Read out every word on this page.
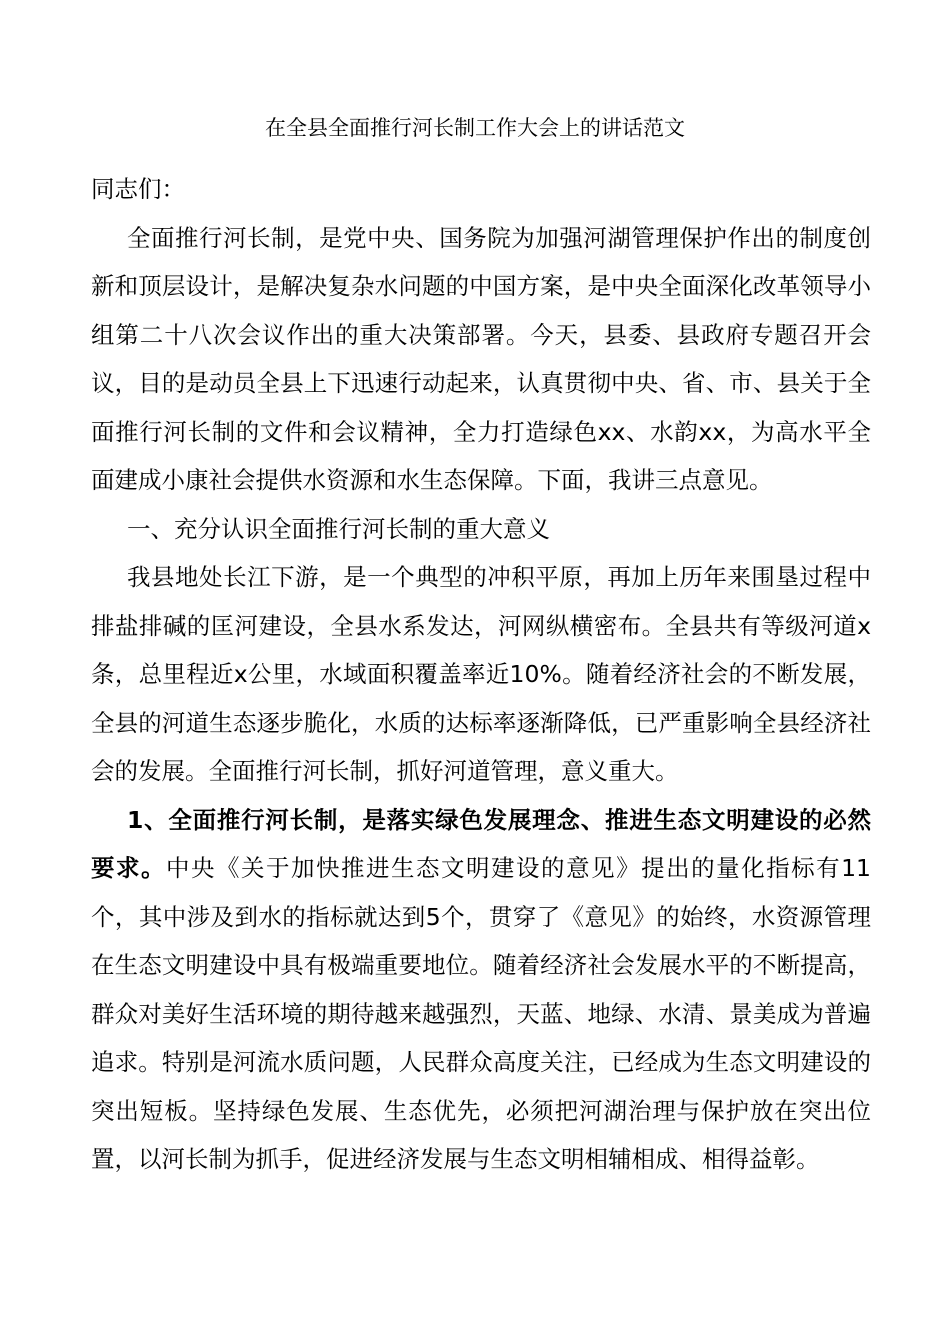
在全县全面推行河长制工作大会上的讲话范文

同志们：

全面推行河长制，是党中央、国务院为加强河湖管理保护作出的制度创新和顶层设计，是解决复杂水问题的中国方案，是中央全面深化改革领导小组第二十八次会议作出的重大决策部署。今天，县委、县政府专题召开会议，目的是动员全县上下迅速行动起来，认真贯彻中央、省、市、县关于全面推行河长制的文件和会议精神，全力打造绿色xx、水韵xx，为高水平全面建成小康社会提供水资源和水生态保障。下面，我讲三点意见。

一、充分认识全面推行河长制的重大意义

我县地处长江下游，是一个典型的冲积平原，再加上历年来围垦过程中排盐排碱的匡河建设，全县水系发达，河网纵横密布。全县共有等级河道x条，总里程近x公里，水域面积覆盖率近10%。随着经济社会的不断发展，全县的河道生态逐步脆化，水质的达标率逐渐降低，已严重影响全县经济社会的发展。全面推行河长制，抓好河道管理，意义重大。

1、全面推行河长制，是落实绿色发展理念、推进生态文明建设的必然要求。中央《关于加快推进生态文明建设的意见》提出的量化指标有11个，其中涉及到水的指标就达到5个，贯穿了《意见》的始终，水资源管理在生态文明建设中具有极端重要地位。随着经济社会发展水平的不断提高，群众对美好生活环境的期待越来越强烈，天蓝、地绿、水清、景美成为普遍追求。特别是河流水质问题，人民群众高度关注，已经成为生态文明建设的突出短板。坚持绿色发展、生态优先，必须把河湖治理与保护放在突出位置，以河长制为抓手，促进经济发展与生态文明相辅相成、相得益彰。
